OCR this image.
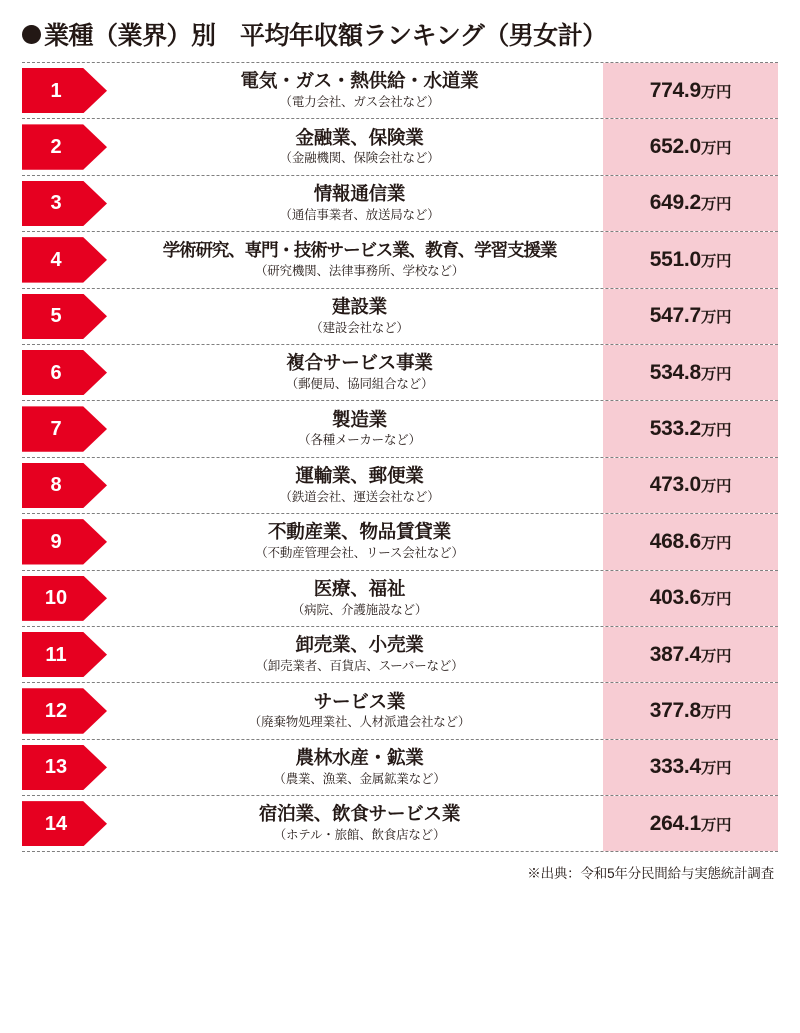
業種（業界）別　平均年収額ランキング（男女計）
1	電気・ガス・熱供給・水道業
（電力会社、ガス会社など）
774.9万円
2	金融業、保険業
（金融機関、保険会社など）
652.0万円
3	情報通信業
（通信事業者、放送局など）
649.2万円
4	学術研究、専門・技術サービス業、教育、学習支援業
（研究機関、法律事務所、学校など）	551.0万円
5	建設業
（建設会社など）
547.7万円
6	複合サービス事業
（郵便局、協同組合など）
534.8万円
7	製造業
（各種メーカーなど）
533.2万円
8	運輸業、郵便業
（鉄道会社、運送会社など）
473.0万円
9	不動産業、物品賃貸業
（不動産管理会社、リース会社など）
468.6万円
10	医療、福祉
（病院、介護施設など）
403.6万円
11	卸売業、小売業
（卸売業者、百貨店、スーパーなど）
387.4万円
12	サービス業
（廃棄物処理業社、人材派遣会社など）
377.8万円
13	農林水産・鉱業
（農業、漁業、金属鉱業など）
333.4万円
14	宿泊業、飲食サービス業
（ホテル・旅館、飲食店など）
264.1万円
※出典：令和5年分民間給与実態統計調査
